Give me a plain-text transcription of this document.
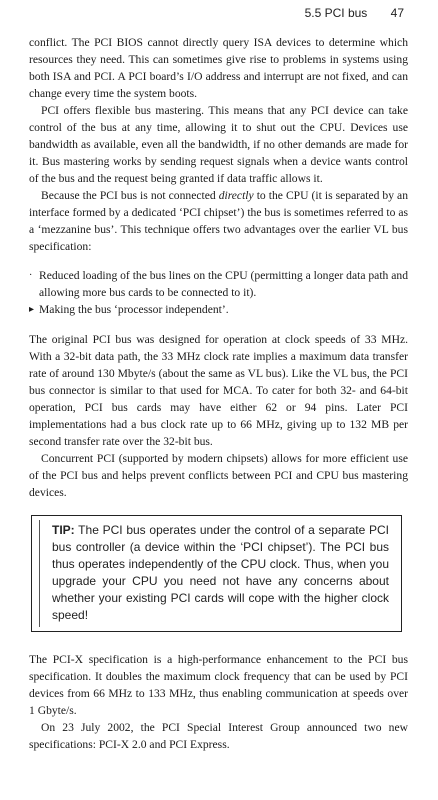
5.5 PCI bus 47

conflict. The PCI BIOS cannot directly query ISA devices to determine which resources they need. This can sometimes give rise to problems in systems using both ISA and PCI. A PCI board’s I/O address and interrupt are not fixed, and can change every time the system boots.

PCI offers flexible bus mastering. This means that any PCI device can take control of the bus at any time, allowing it to shut out the CPU. Devices use bandwidth as available, even all the bandwidth, if no other demands are made for it. Bus mastering works by sending request signals when a device wants control of the bus and the request being granted if data traffic allows it.

Because the PCI bus is not connected directly to the CPU (it is separated by an interface formed by a dedicated ‘PCI chipset’) the bus is sometimes referred to as a ‘mezzanine bus’. This technique offers two advantages over the earlier VL bus specification:

· Reduced loading of the bus lines on the CPU (permitting a longer data path and allowing more bus cards to be connected to it).
▸ Making the bus ‘processor independent’.

The original PCI bus was designed for operation at clock speeds of 33 MHz. With a 32-bit data path, the 33 MHz clock rate implies a maximum data transfer rate of around 130 Mbyte/s (about the same as VL bus). Like the VL bus, the PCI bus connector is similar to that used for MCA. To cater for both 32- and 64-bit operation, PCI bus cards may have either 62 or 94 pins. Later PCI implementations had a bus clock rate up to 66 MHz, giving up to 132 MB per second transfer rate over the 32-bit bus.

Concurrent PCI (supported by modern chipsets) allows for more efficient use of the PCI bus and helps prevent conflicts between PCI and CPU bus mastering devices.

TIP: The PCI bus operates under the control of a separate PCI bus controller (a device within the ‘PCI chipset’). The PCI bus thus operates independently of the CPU clock. Thus, when you upgrade your CPU you need not have any concerns about whether your existing PCI cards will cope with the higher clock speed!

The PCI-X specification is a high-performance enhancement to the PCI bus specification. It doubles the maximum clock frequency that can be used by PCI devices from 66 MHz to 133 MHz, thus enabling communication at speeds over 1 Gbyte/s.

On 23 July 2002, the PCI Special Interest Group announced two new specifications: PCI-X 2.0 and PCI Express.
